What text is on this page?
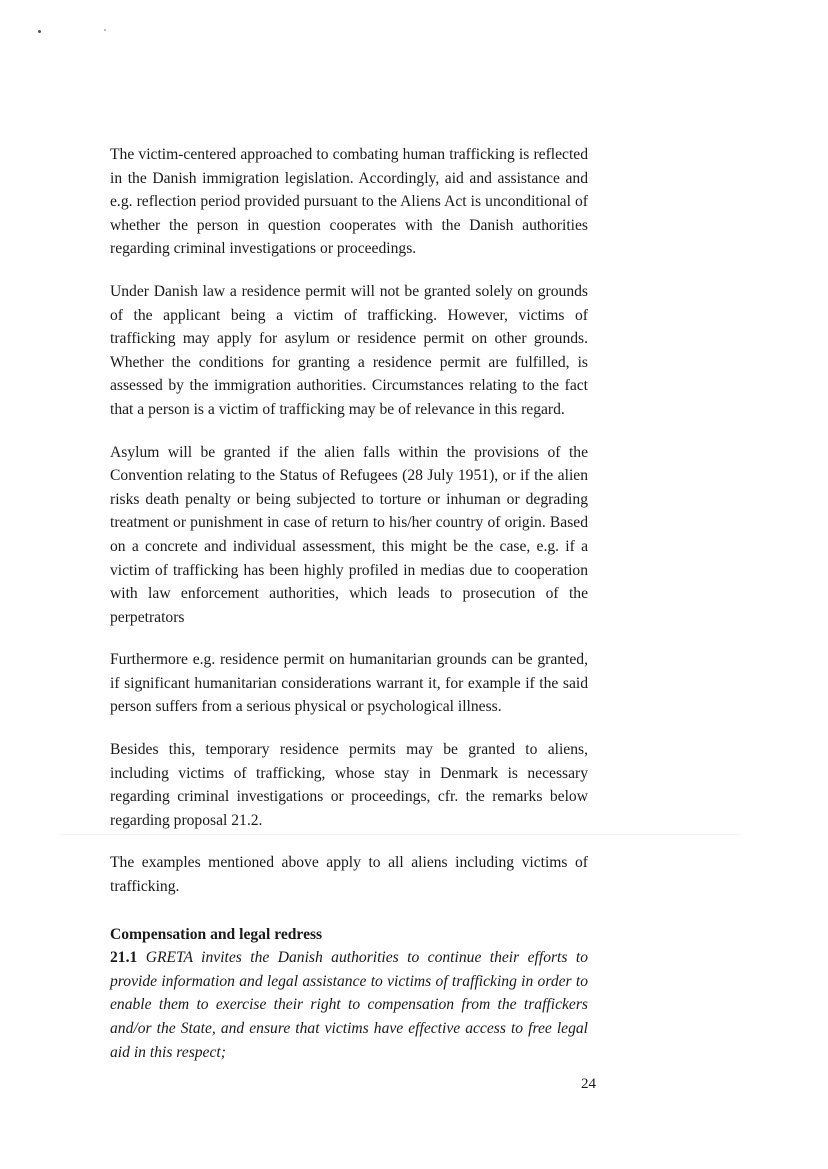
The victim-centered approached to combating human trafficking is reflected in the Danish immigration legislation. Accordingly, aid and assistance and e.g. reflection period provided pursuant to the Aliens Act is unconditional of whether the person in question cooperates with the Danish authorities regarding criminal investigations or proceedings.

Under Danish law a residence permit will not be granted solely on grounds of the applicant being a victim of trafficking. However, victims of trafficking may apply for asylum or residence permit on other grounds. Whether the conditions for granting a residence permit are fulfilled, is assessed by the immigration authorities. Circumstances relating to the fact that a person is a victim of trafficking may be of relevance in this regard.

Asylum will be granted if the alien falls within the provisions of the Convention relating to the Status of Refugees (28 July 1951), or if the alien risks death penalty or being subjected to torture or inhuman or degrading treatment or punishment in case of return to his/her country of origin. Based on a concrete and individual assessment, this might be the case, e.g. if a victim of trafficking has been highly profiled in medias due to cooperation with law enforcement authorities, which leads to prosecution of the perpetrators

Furthermore e.g. residence permit on humanitarian grounds can be granted, if significant humanitarian considerations warrant it, for example if the said person suffers from a serious physical or psychological illness.

Besides this, temporary residence permits may be granted to aliens, including victims of trafficking, whose stay in Denmark is necessary regarding criminal investigations or proceedings, cfr. the remarks below regarding proposal 21.2.

The examples mentioned above apply to all aliens including victims of trafficking.

Compensation and legal redress

21.1 GRETA invites the Danish authorities to continue their efforts to provide information and legal assistance to victims of trafficking in order to enable them to exercise their right to compensation from the traffickers and/or the State, and ensure that victims have effective access to free legal aid in this respect;

24
